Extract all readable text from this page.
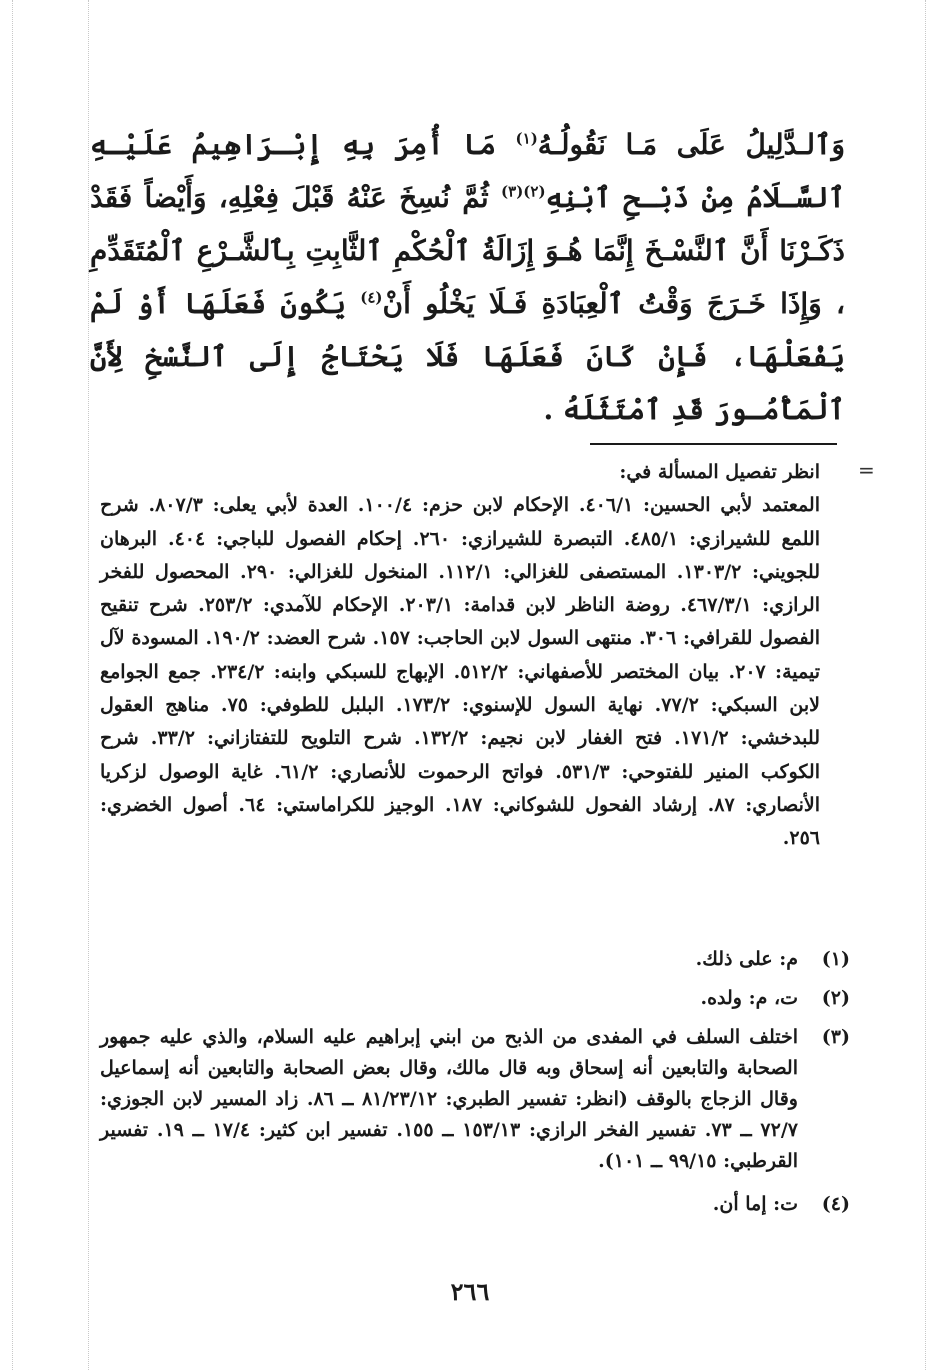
وَٱلـدَّلِيلُ عَلَى مَـا نَقُولُـهُ$^{(١)}$ مَا أُمِرَ بِهِ إِبْـرَاهِيمُ عَلَيْـهِ ٱلسَّـلَامُ مِنْ ذَبْـحِ ٱبْنِهِ$^{(٢)(٣)}$ ثُمَّ نُسِخَ عَنْهُ قَبْلَ فِعْلِهِ، وَأَيْضاً فَقَدْ ذَكَـرْنَا أَنَّ ٱلنَّسْـخَ إِنَّمَا هُـوَ إِزَالَةُ ٱلْحُكْمِ ٱلثَّابِتِ بِٱلشَّـرْعِ ٱلْمُتَقَدِّمِ ، وَإِذَا خَـرَجَ وَقْتُ ٱلْعِبَادَةِ فَـلَا يَخْلُو أَنْ$^{(٤)}$ يَكُونَ فَعَلَهَا أَوْ لَمْ يَفْعَلْهَا، فَإِنْ كَانَ فَعَلَهَا فَلَا يَحْتَاجُ إِلَى ٱلنَّسْخِ لِأَنَّ ٱلْمَأْمُـورَ قَدِ ٱمْتَثَلَهُ .

=
انظر تفصيل المسألة في:
المعتمد لأبي الحسين: ٤٠٦/١. الإحكام لابن حزم: ١٠٠/٤. العدة لأبي يعلى: ٨٠٧/٣. شرح اللمع للشيرازي: ٤٨٥/١. التبصرة للشيرازي: ٢٦٠. إحكام الفصول للباجي: ٤٠٤. البرهان للجويني: ١٣٠٣/٢. المستصفى للغزالي: ١١٢/١. المنخول للغزالي: ٢٩٠. المحصول للفخر الرازي: ٤٦٧/٣/١. روضة الناظر لابن قدامة: ٢٠٣/١. الإحكام للآمدي: ٢٥٣/٢. شرح تنقيح الفصول للقرافي: ٣٠٦. منتهى السول لابن الحاجب: ١٥٧. شرح العضد: ١٩٠/٢. المسودة لآل تيمية: ٢٠٧. بيان المختصر للأصفهاني: ٥١٢/٢. الإبهاج للسبكي وابنه: ٢٣٤/٢. جمع الجوامع لابن السبكي: ٧٧/٢. نهاية السول للإسنوي: ١٧٣/٢. البلبل للطوفي: ٧٥. مناهج العقول للبدخشي: ١٧١/٢. فتح الغفار لابن نجيم: ١٣٢/٢. شرح التلويح للتفتازاني: ٣٣/٢. شرح الكوكب المنير للفتوحي: ٥٣١/٣. فواتح الرحموت للأنصاري: ٦١/٢. غاية الوصول لزكريا الأنصاري: ٨٧. إرشاد الفحول للشوكاني: ١٨٧. الوجيز للكراماستي: ٦٤. أصول الخضري: ٢٥٦.
(١)
م: على ذلك.
(٢)
ت، م: ولده.
(٣)
اختلف السلف في المفدى من الذبح من ابني إبراهيم عليه السلام، والذي عليه جمهور الصحابة والتابعين أنه إسحاق وبه قال مالك، وقال بعض الصحابة والتابعين أنه إسماعيل وقال الزجاج بالوقف (انظر: تفسير الطبري: ٨١/٢٣/١٢ ــ ٨٦. زاد المسير لابن الجوزي: ٧٢/٧ ــ ٧٣. تفسير الفخر الرازي: ١٥٣/١٣ ــ ١٥٥. تفسير ابن كثير: ١٧/٤ ــ ١٩. تفسير القرطبي: ٩٩/١٥ ــ ١٠١).
(٤)
ت: إما أن.
٢٦٦
